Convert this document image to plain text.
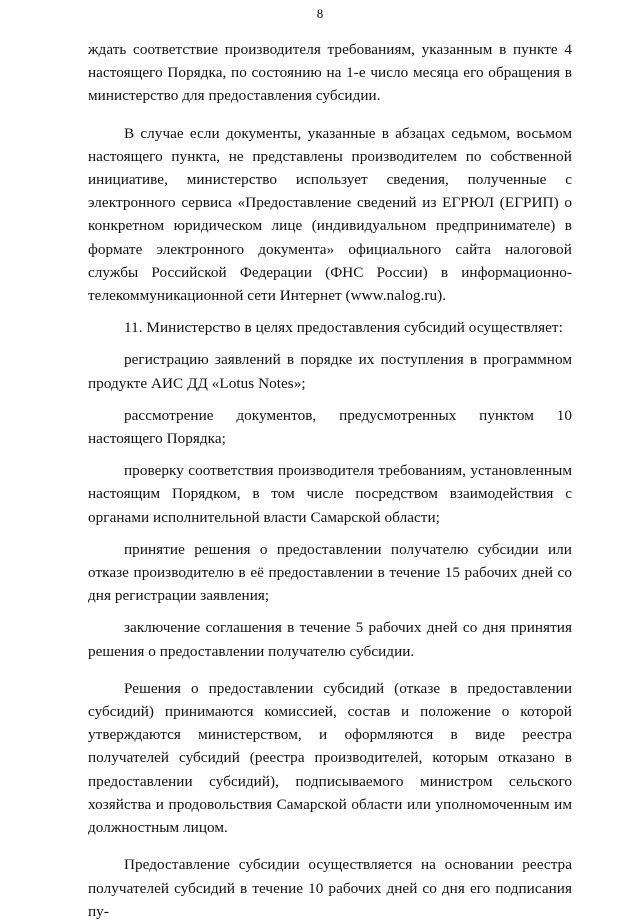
8

ждать соответствие производителя требованиям, указанным в пункте 4 настоящего Порядка, по состоянию на 1-е число месяца его обращения в министерство для предоставления субсидии.

В случае если документы, указанные в абзацах седьмом, восьмом настоящего пункта, не представлены производителем по собственной инициативе, министерство использует сведения, полученные с электронного сервиса «Предоставление сведений из ЕГРЮЛ (ЕГРИП) о конкретном юридическом лице (индивидуальном предпринимателе) в формате электронного документа» официального сайта налоговой службы Российской Федерации (ФНС России) в информационно-телекоммуникационной сети Интернет (www.nalog.ru).

11. Министерство в целях предоставления субсидий осуществляет:

регистрацию заявлений в порядке их поступления в программном продукте АИС ДД «Lotus Notes»;

рассмотрение документов, предусмотренных пунктом 10 настоящего Порядка;

проверку соответствия производителя требованиям, установленным настоящим Порядком, в том числе посредством взаимодействия с органами исполнительной власти Самарской области;

принятие решения о предоставлении получателю субсидии или отказе производителю в её предоставлении в течение 15 рабочих дней со дня регистрации заявления;

заключение соглашения в течение 5 рабочих дней со дня принятия решения о предоставлении получателю субсидии.

Решения о предоставлении субсидий (отказе в предоставлении субсидий) принимаются комиссией, состав и положение о которой утверждаются министерством, и оформляются в виде реестра получателей субсидий (реестра производителей, которым отказано в предоставлении субсидий), подписываемого министром сельского хозяйства и продовольствия Самарской области или уполномоченным им должностным лицом.

Предоставление субсидии осуществляется на основании реестра получателей субсидий в течение 10 рабочих дней со дня его подписания пу-
